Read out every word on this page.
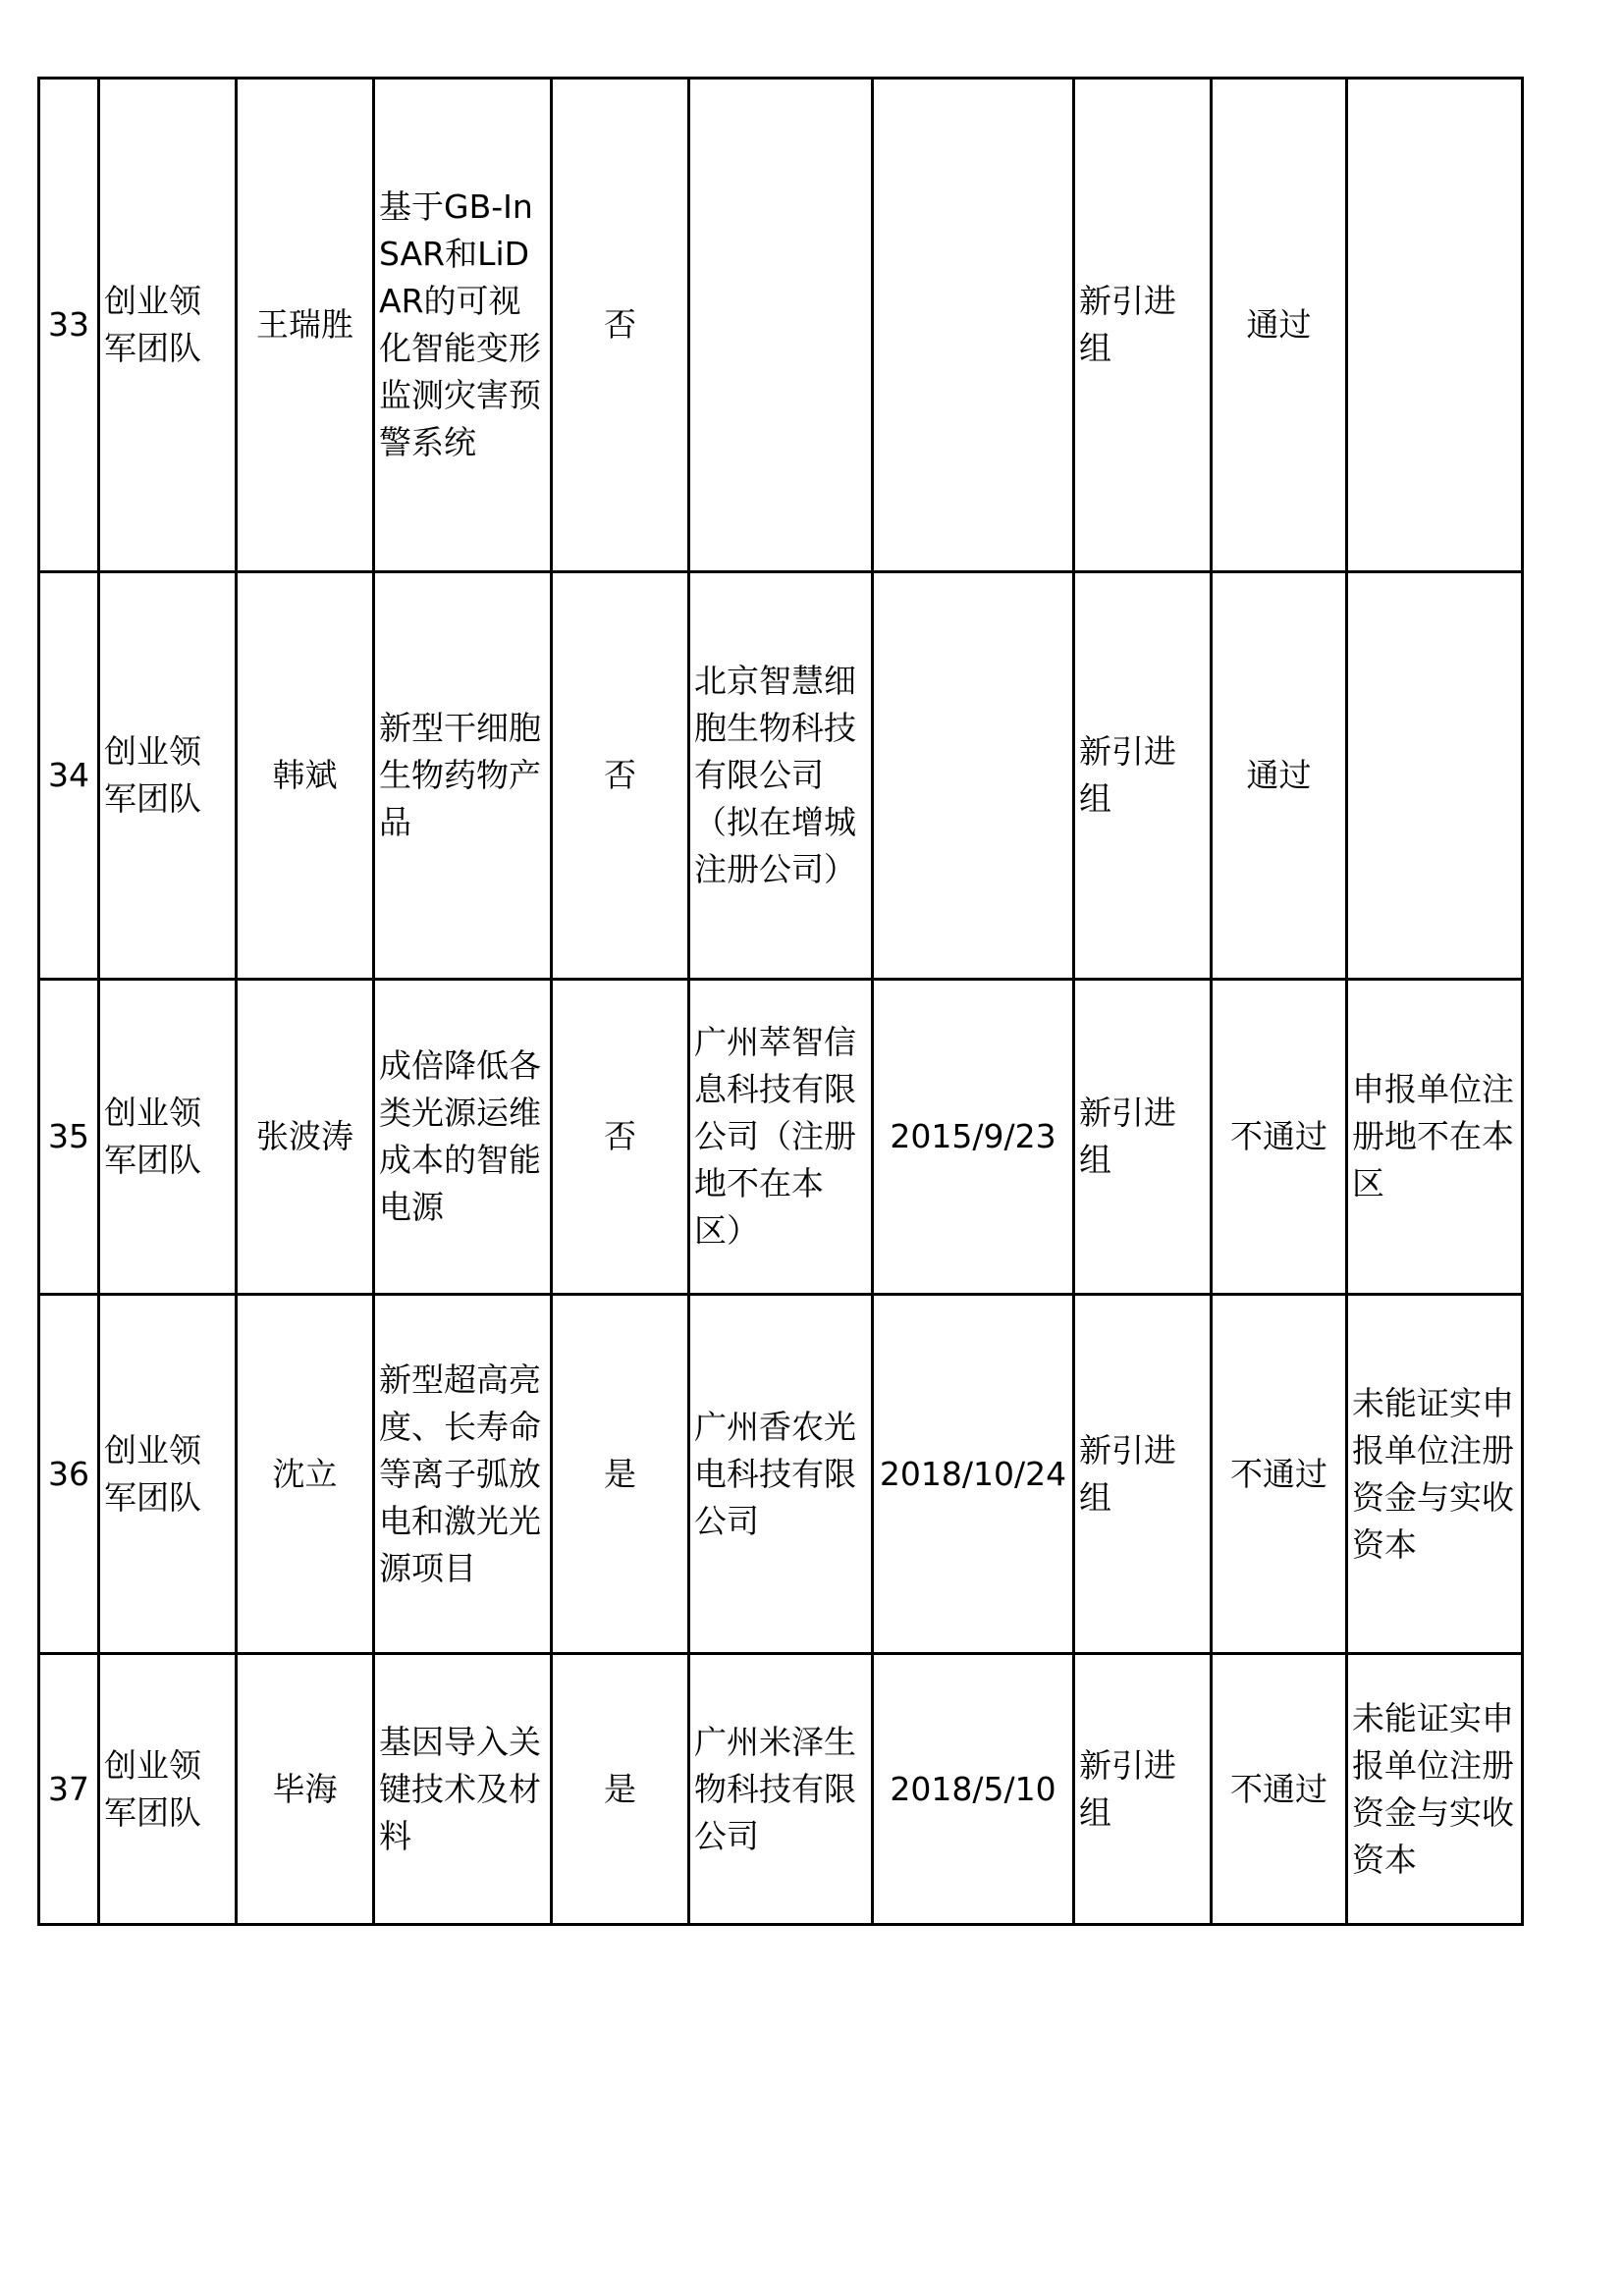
33	创业领军团队	王瑞胜	基于GB-InSAR和LiDAR的可视化智能变形监测灾害预警系统	否			新引进组	通过	
34	创业领军团队	韩斌	新型干细胞生物药物产品	否	北京智慧细胞生物科技有限公司（拟在增城注册公司）		新引进组	通过	
35	创业领军团队	张波涛	成倍降低各类光源运维成本的智能电源	否	广州萃智信息科技有限公司（注册地不在本区）	2015/9/23	新引进组	不通过	申报单位注册地不在本区
36	创业领军团队	沈立	新型超高亮度、长寿命等离子弧放电和激光光源项目	是	广州香农光电科技有限公司	2018/10/24	新引进组	不通过	未能证实申报单位注册资金与实收资本
37	创业领军团队	毕海	基因导入关键技术及材料	是	广州米泽生物科技有限公司	2018/5/10	新引进组	不通过	未能证实申报单位注册资金与实收资本
